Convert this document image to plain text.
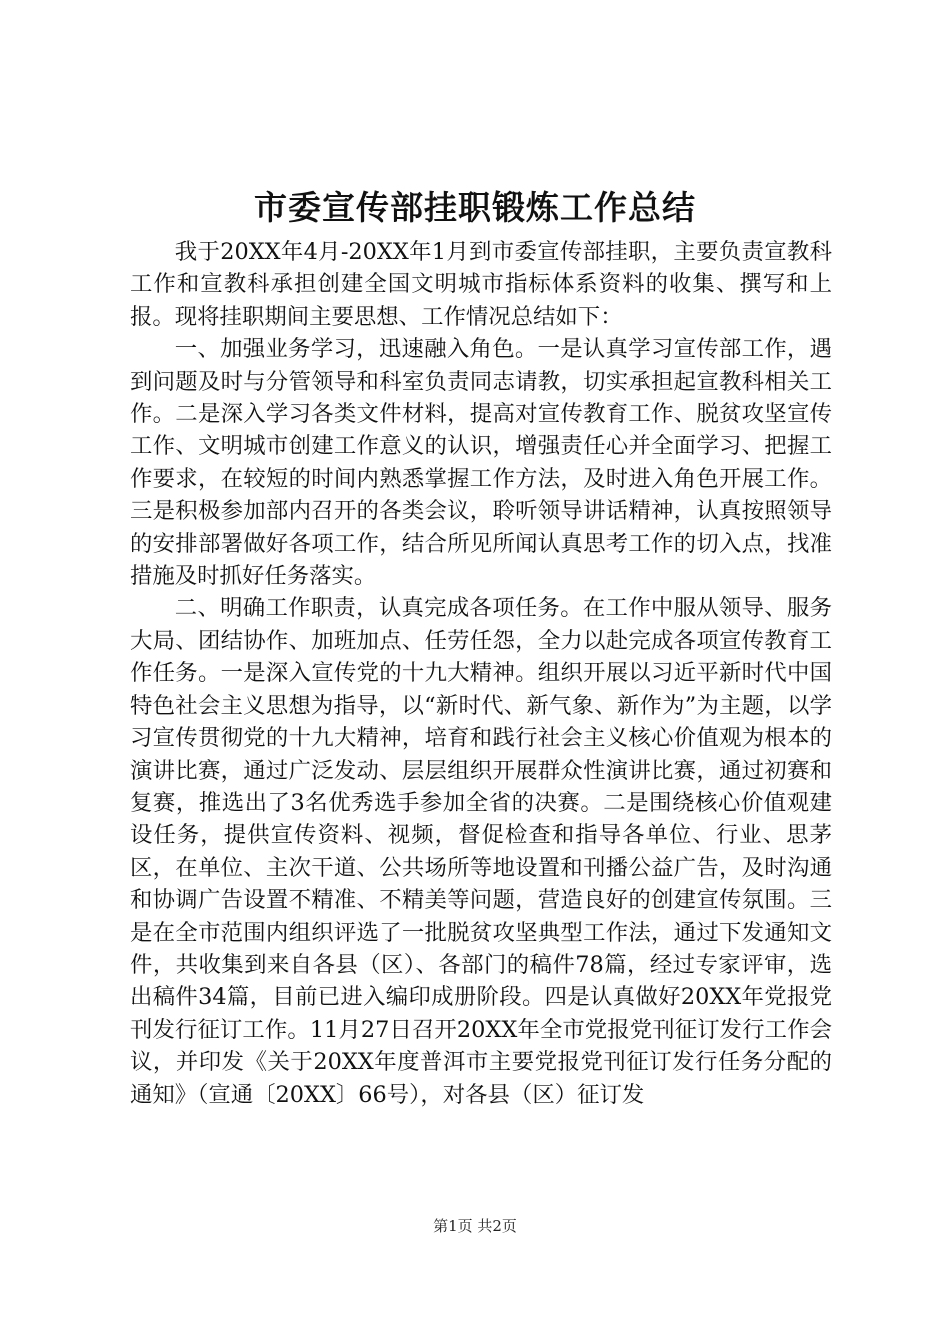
市委宣传部挂职锻炼工作总结

我于20XX年4月-20XX年1月到市委宣传部挂职，主要负责宣教科工作和宣教科承担创建全国文明城市指标体系资料的收集、撰写和上报。现将挂职期间主要思想、工作情况总结如下：

一、加强业务学习，迅速融入角色。一是认真学习宣传部工作，遇到问题及时与分管领导和科室负责同志请教，切实承担起宣教科相关工作。二是深入学习各类文件材料，提高对宣传教育工作、脱贫攻坚宣传工作、文明城市创建工作意义的认识，增强责任心并全面学习、把握工作要求，在较短的时间内熟悉掌握工作方法，及时进入角色开展工作。三是积极参加部内召开的各类会议，聆听领导讲话精神，认真按照领导的安排部署做好各项工作，结合所见所闻认真思考工作的切入点，找准措施及时抓好任务落实。

二、明确工作职责，认真完成各项任务。在工作中服从领导、服务大局、团结协作、加班加点、任劳任怨，全力以赴完成各项宣传教育工作任务。一是深入宣传党的十九大精神。组织开展以习近平新时代中国特色社会主义思想为指导，以“新时代、新气象、新作为”为主题，以学习宣传贯彻党的十九大精神，培育和践行社会主义核心价值观为根本的演讲比赛，通过广泛发动、层层组织开展群众性演讲比赛，通过初赛和复赛，推选出了3名优秀选手参加全省的决赛。二是围绕核心价值观建设任务，提供宣传资料、视频，督促检查和指导各单位、行业、思茅区，在单位、主次干道、公共场所等地设置和刊播公益广告，及时沟通和协调广告设置不精准、不精美等问题，营造良好的创建宣传氛围。三是在全市范围内组织评选了一批脱贫攻坚典型工作法，通过下发通知文件，共收集到来自各县（区）、各部门的稿件78篇，经过专家评审，选出稿件34篇，目前已进入编印成册阶段。四是认真做好20XX年党报党刊发行征订工作。11月27日召开20XX年全市党报党刊征订发行工作会议，并印发《关于20XX年度普洱市主要党报党刊征订发行任务分配的通知》（宣通〔20XX〕66号），对各县（区）征订发

第1页 共2页
